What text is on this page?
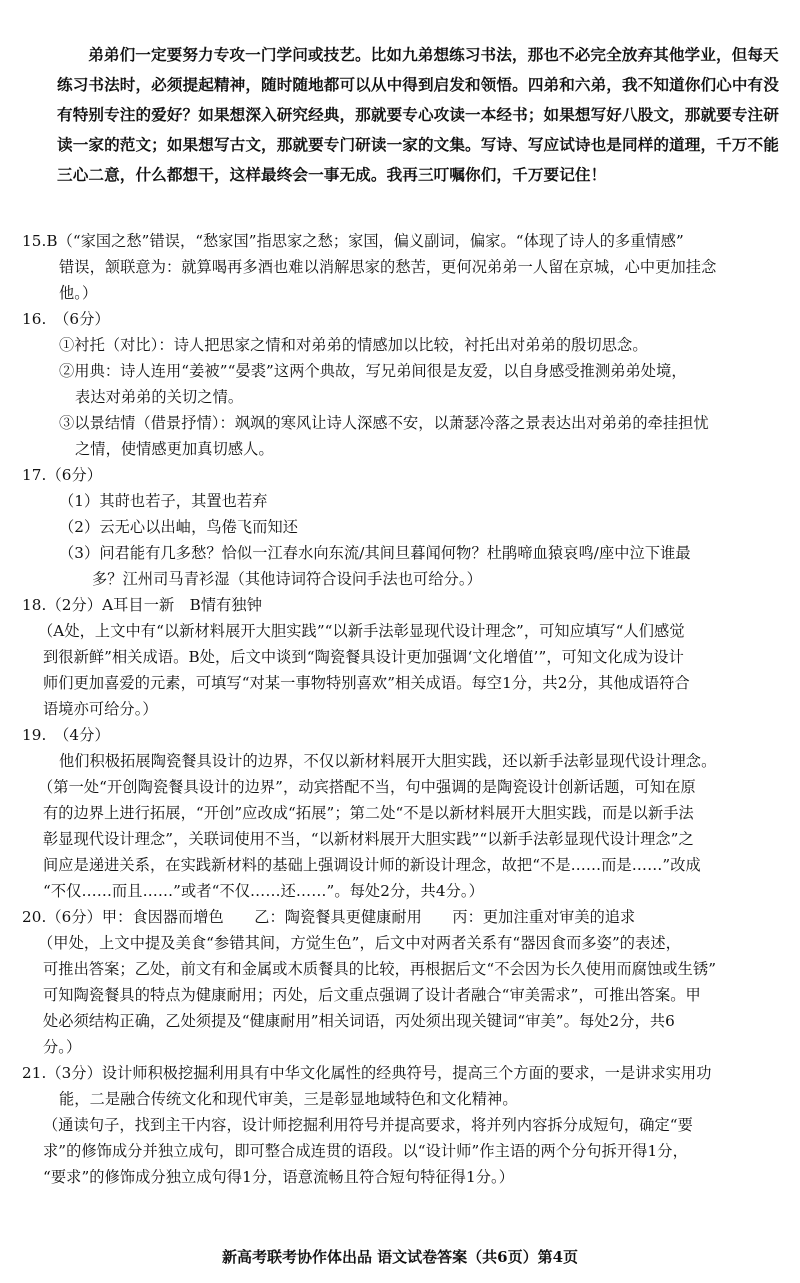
弟弟们一定要努力专攻一门学问或技艺。比如九弟想练习书法，那也不必完全放弃其他学业，但每天练习书法时，必须提起精神，随时随地都可以从中得到启发和领悟。四弟和六弟，我不知道你们心中有没有特别专注的爱好？如果想深入研究经典，那就要专心攻读一本经书；如果想写好八股文，那就要专注研读一家的范文；如果想写古文，那就要专门研读一家的文集。写诗、写应试诗也是同样的道理，千万不能三心二意，什么都想干，这样最终会一事无成。我再三叮嘱你们，千万要记住！

15.B（“家国之愁”错误，“愁家国”指思家之愁；家国，偏义副词，偏家。“体现了诗人的多重情感”

错误，颔联意为：就算喝再多酒也难以消解思家的愁苦，更何况弟弟一人留在京城，心中更加挂念

他。）

16.　（6分）

①衬托（对比）：诗人把思家之情和对弟弟的情感加以比较，衬托出对弟弟的殷切思念。

②用典：诗人连用“姜被”“晏裘”这两个典故，写兄弟间很是友爱，以自身感受推测弟弟处境，

表达对弟弟的关切之情。

③以景结情（借景抒情）：飒飒的寒风让诗人深感不安，以萧瑟冷落之景表达出对弟弟的牵挂担忧

之情，使情感更加真切感人。

17.（6分）

（1）其莳也若子，其置也若弃

（2）云无心以出岫，鸟倦飞而知还

（3）问君能有几多愁？恰似一江春水向东流/其间旦暮闻何物？杜鹃啼血猿哀鸣/座中泣下谁最

多？江州司马青衫湿（其他诗词符合设问手法也可给分。）

18.（2分）A耳目一新　B情有独钟

（A处，上文中有“以新材料展开大胆实践”“以新手法彰显现代设计理念”，可知应填写“人们感觉

到很新鲜”相关成语。B处，后文中谈到“陶瓷餐具设计更加强调‘文化增值’”，可知文化成为设计

师们更加喜爱的元素，可填写“对某一事物特别喜欢”相关成语。每空1分，共2分，其他成语符合

语境亦可给分。）

19.　（4分）

他们积极拓展陶瓷餐具设计的边界，不仅以新材料展开大胆实践，还以新手法彰显现代设计理念。

（第一处“开创陶瓷餐具设计的边界”，动宾搭配不当，句中强调的是陶瓷设计创新话题，可知在原

有的边界上进行拓展，“开创”应改成“拓展”；第二处“不是以新材料展开大胆实践，而是以新手法

彰显现代设计理念”，关联词使用不当，“以新材料展开大胆实践”“以新手法彰显现代设计理念”之

间应是递进关系，在实践新材料的基础上强调设计师的新设计理念，故把“不是……而是……”改成

“不仅……而且……”或者“不仅……还……”。每处2分，共4分。）

20.（6分）甲：食因器而增色　　乙：陶瓷餐具更健康耐用　　丙：更加注重对审美的追求

（甲处，上文中提及美食“参错其间，方觉生色”，后文中对两者关系有“器因食而多姿”的表述，

可推出答案；乙处，前文有和金属或木质餐具的比较，再根据后文“不会因为长久使用而腐蚀或生锈”

可知陶瓷餐具的特点为健康耐用；丙处，后文重点强调了设计者融合“审美需求”，可推出答案。甲

处必须结构正确，乙处须提及“健康耐用”相关词语，丙处须出现关键词“审美”。每处2分，共6

分。）

21.（3分）设计师积极挖掘利用具有中华文化属性的经典符号，提高三个方面的要求，一是讲求实用功

能，二是融合传统文化和现代审美，三是彰显地域特色和文化精神。

（通读句子，找到主干内容，设计师挖掘利用符号并提高要求，将并列内容拆分成短句，确定“要

求”的修饰成分并独立成句，即可整合成连贯的语段。以“设计师”作主语的两个分句拆开得1分，

“要求”的修饰成分独立成句得1分，语意流畅且符合短句特征得1分。）

新高考联考协作体出品 语文试卷答案（共6页）第4页
